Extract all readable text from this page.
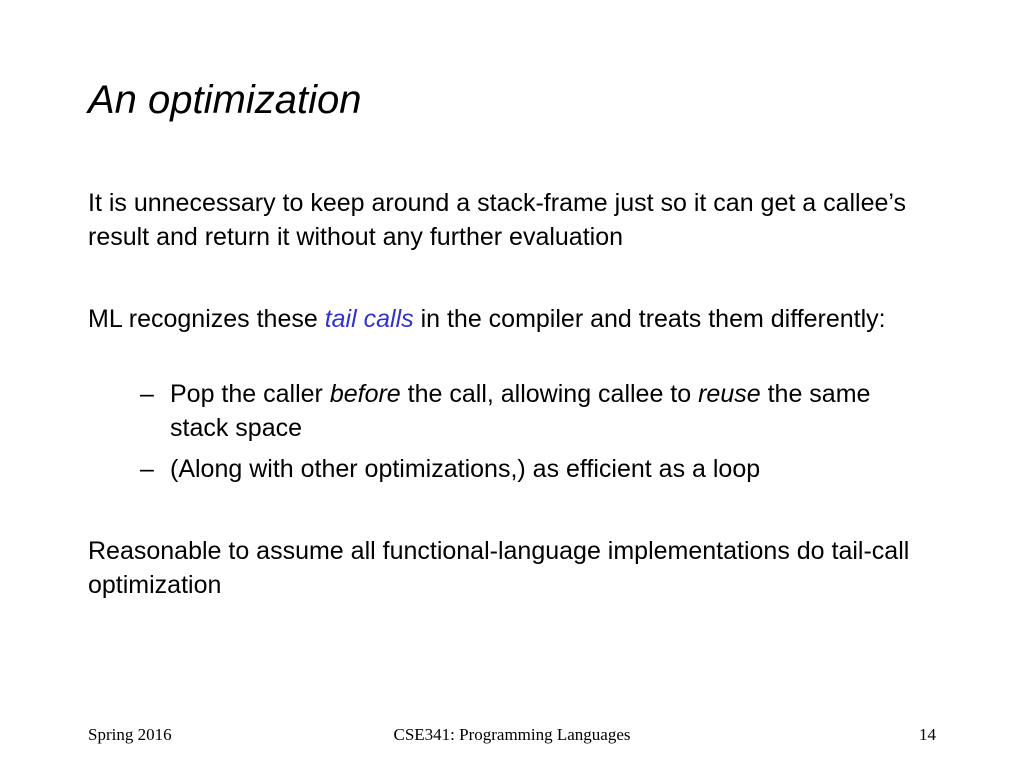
An optimization
It is unnecessary to keep around a stack-frame just so it can get a callee’s result and return it without any further evaluation
ML recognizes these tail calls in the compiler and treats them differently:
– Pop the caller before the call, allowing callee to reuse the same stack space
– (Along with other optimizations,) as efficient as a loop
Reasonable to assume all functional-language implementations do tail-call optimization
Spring 2016	CSE341: Programming Languages	14
